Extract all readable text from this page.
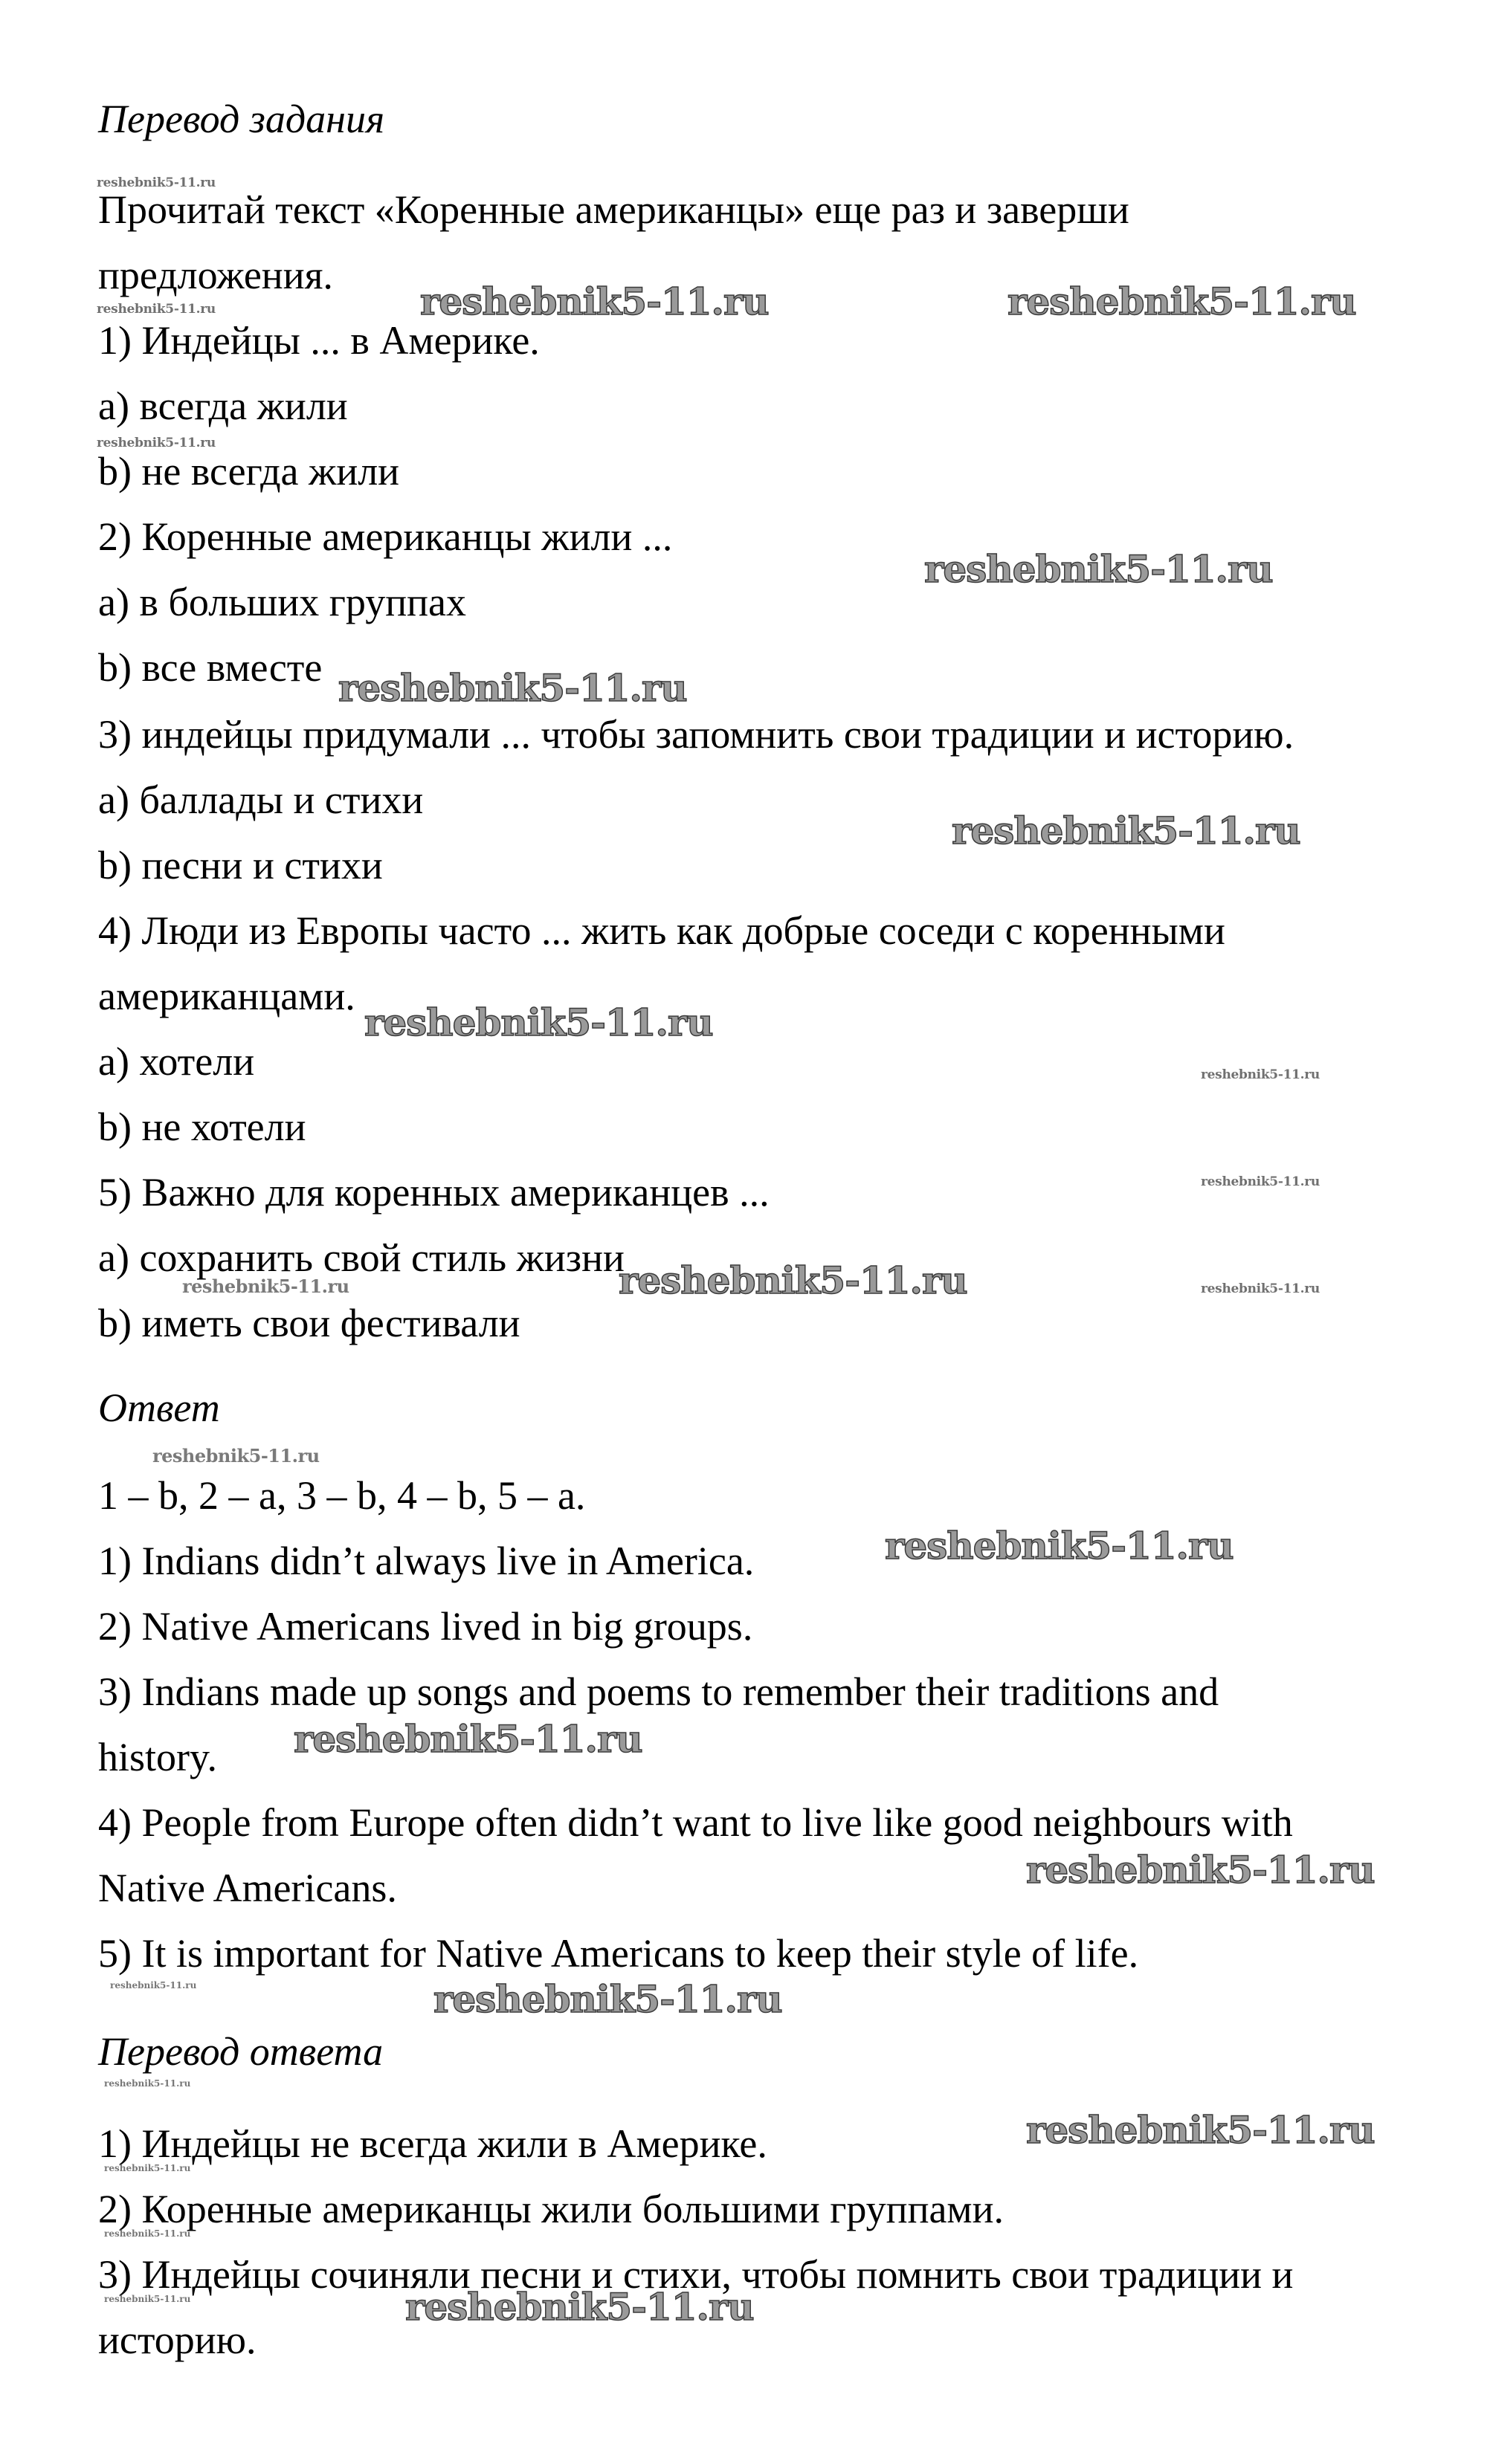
Перевод задания
Прочитай текст «Коренные американцы» еще раз и заверши
предложения.
1) Индейцы ... в Америке.
a) всегда жили
b) не всегда жили
2) Коренные американцы жили ...
a) в больших группах
b) все вместе
3) индейцы придумали ... чтобы запомнить свои традиции и историю.
a) баллады и стихи
b) песни и стихи
4) Люди из Европы часто ... жить как добрые соседи с коренными
американцами.
a) хотели
b) не хотели
5) Важно для коренных американцев ...
a) сохранить свой стиль жизни
b) иметь свои фестивали
Ответ
1 – b, 2 – a, 3 – b, 4 – b, 5 – a.
1) Indians didn’t always live in America.
2) Native Americans lived in big groups.
3) Indians made up songs and poems to remember their traditions and
history.
4) People from Europe often didn’t want to live like good neighbours with
Native Americans.
5) It is important for Native Americans to keep their style of life.
Перевод ответа
1) Индейцы не всегда жили в Америке.
2) Коренные американцы жили большими группами.
3) Индейцы сочиняли песни и стихи, чтобы помнить свои традиции и
историю.
reshebnik5-11.ru
reshebnik5-11.ru
reshebnik5-11.ru
reshebnik5-11.ru	reshebnik5-11.ru
reshebnik5-11.ru
reshebnik5-11.ru
reshebnik5-11.ru
reshebnik5-11.ru
reshebnik5-11.ru
reshebnik5-11.ru
reshebnik5-11.ru
reshebnik5-11.ru	reshebnik5-11.ru
reshebnik5-11.ru
reshebnik5-11.ru
reshebnik5-11.ru
reshebnik5-11.ru
reshebnik5-11.ru	reshebnik5-11.ru
reshebnik5-11.ru
reshebnik5-11.ru
reshebnik5-11.ru
reshebnik5-11.ru
reshebnik5-11.ru	reshebnik5-11.ru
